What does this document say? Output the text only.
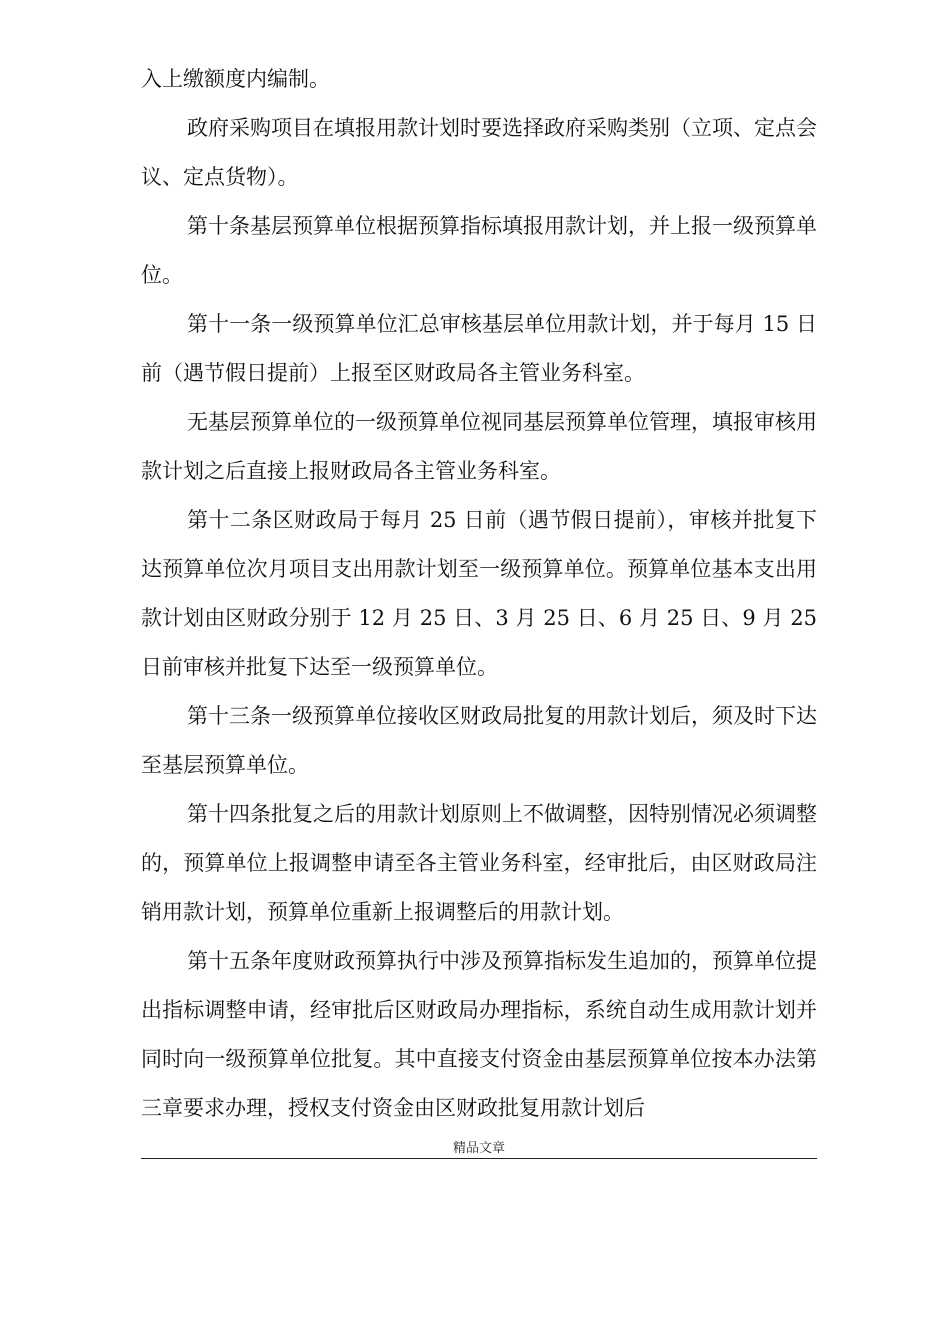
入上缴额度内编制。

政府采购项目在填报用款计划时要选择政府采购类别（立项、定点会议、定点货物）。

第十条基层预算单位根据预算指标填报用款计划，并上报一级预算单位。

第十一条一级预算单位汇总审核基层单位用款计划，并于每月 15 日前（遇节假日提前）上报至区财政局各主管业务科室。

无基层预算单位的一级预算单位视同基层预算单位管理，填报审核用款计划之后直接上报财政局各主管业务科室。

第十二条区财政局于每月 25 日前（遇节假日提前），审核并批复下达预算单位次月项目支出用款计划至一级预算单位。预算单位基本支出用款计划由区财政分别于 12 月 25 日、3 月 25 日、6 月 25 日、9 月 25 日前审核并批复下达至一级预算单位。

第十三条一级预算单位接收区财政局批复的用款计划后，须及时下达至基层预算单位。

第十四条批复之后的用款计划原则上不做调整，因特别情况必须调整的，预算单位上报调整申请至各主管业务科室，经审批后，由区财政局注销用款计划，预算单位重新上报调整后的用款计划。

第十五条年度财政预算执行中涉及预算指标发生追加的，预算单位提出指标调整申请，经审批后区财政局办理指标，系统自动生成用款计划并同时向一级预算单位批复。其中直接支付资金由基层预算单位按本办法第三章要求办理，授权支付资金由区财政批复用款计划后

精品文章
